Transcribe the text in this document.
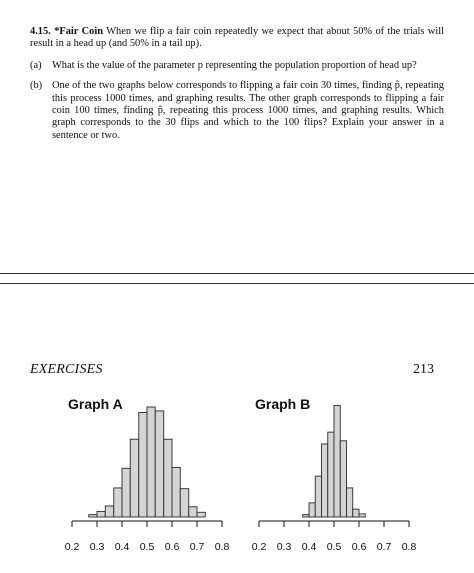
4.15. *Fair Coin When we flip a fair coin repeatedly we expect that about 50% of the trials will result in a head up (and 50% in a tail up).
(a) What is the value of the parameter p representing the population proportion of head up?
(b) One of the two graphs below corresponds to flipping a fair coin 30 times, finding p̂, repeating this process 1000 times, and graphing results. The other graph corresponds to flipping a fair coin 100 times, finding p̂, repeating this process 1000 times, and graphing results. Which graph corresponds to the 30 flips and which to the 100 flips? Explain your answer in a sentence or two.
EXERCISES	213
Graph A	Graph B
0.2 0.3 0.4 0.5 0.6 0.7 0.8 0.2 0.3 0.4 0.5 0.6 0.7 0.8
